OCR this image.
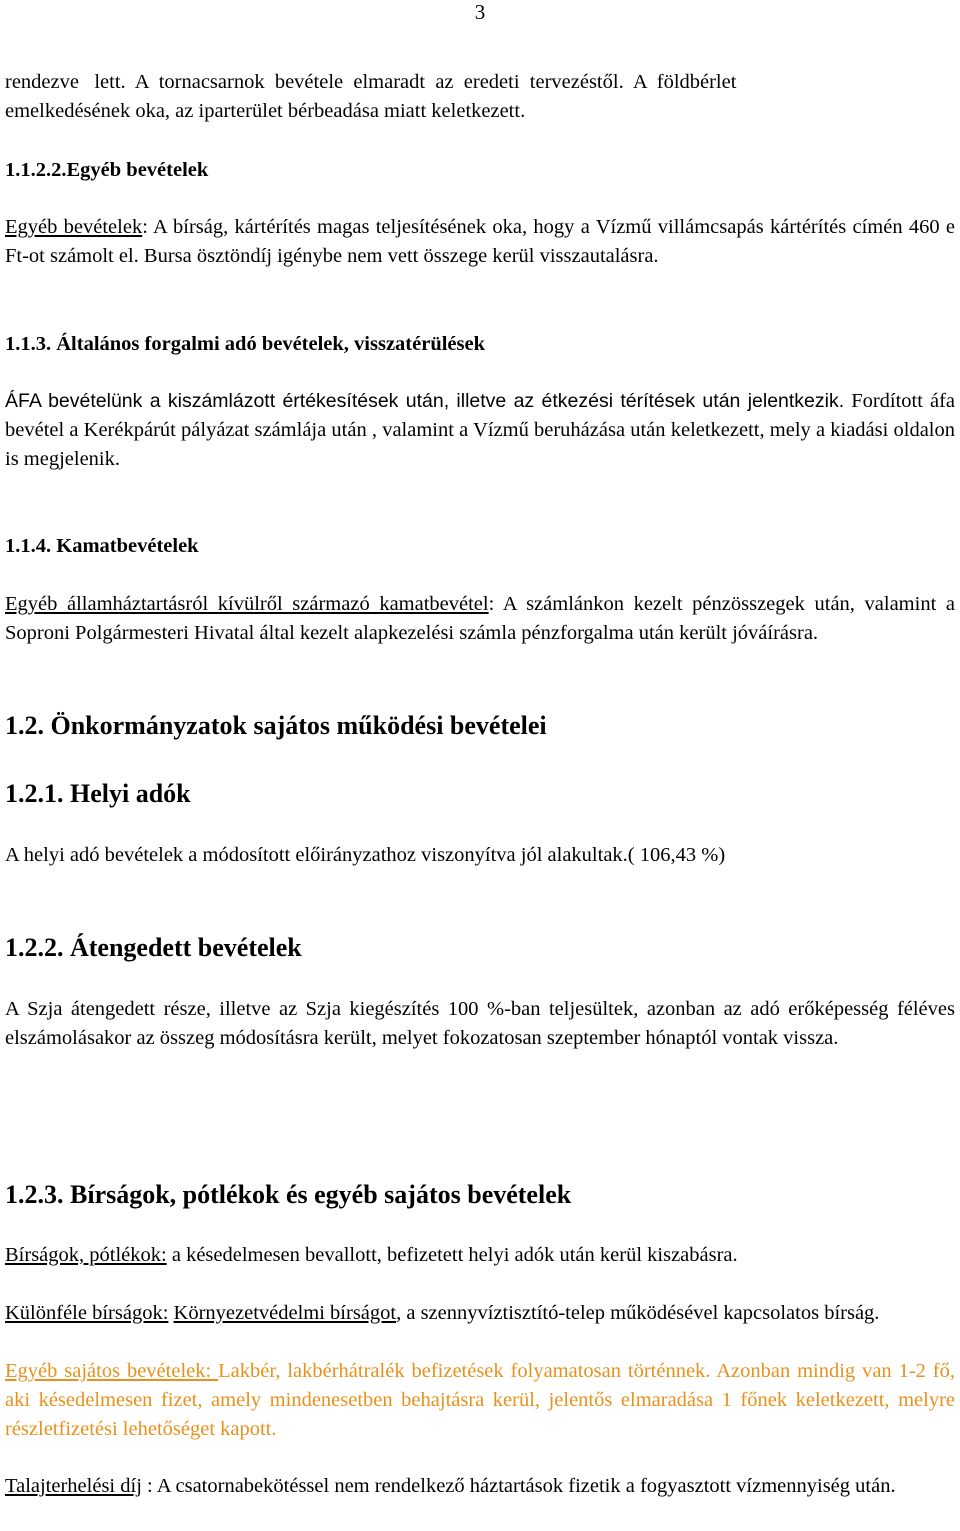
3
rendezve   lett.  A  tornacsarnok  bevétele  elmaradt  az  eredeti  tervezéstől.  A  földbérlet
emelkedésének oka, az iparterület bérbeadása miatt keletkezett.
1.1.2.2.Egyéb bevételek
Egyéb bevételek: A bírság, kártérítés magas teljesítésének oka, hogy a Vízmű villámcsapás kártérítés címén 460 e Ft-ot számolt el. Bursa ösztöndíj igénybe nem vett összege kerül visszautalásra.
1.1.3. Általános forgalmi adó bevételek, visszatérülések
ÁFA bevételünk a kiszámlázott értékesítések után, illetve az étkezési térítések után jelentkezik. Fordított áfa bevétel a Kerékpárút pályázat számlája után , valamint a Vízmű beruházása után keletkezett, mely a kiadási oldalon is megjelenik.
1.1.4. Kamatbevételek
Egyéb államháztartásról kívülről származó kamatbevétel: A számlánkon kezelt pénzösszegek után, valamint a Soproni Polgármesteri Hivatal által kezelt alapkezelési számla pénzforgalma után került jóváírásra.
1.2. Önkormányzatok sajátos működési bevételei
1.2.1. Helyi adók
A helyi adó bevételek a módosított előirányzathoz viszonyítva jól alakultak.( 106,43 %)
1.2.2. Átengedett bevételek
A Szja átengedett része, illetve az Szja kiegészítés 100 %-ban teljesültek, azonban az adó erőképesség féléves elszámolásakor az összeg módosításra került, melyet fokozatosan szeptember hónaptól vontak vissza.
1.2.3. Bírságok, pótlékok és egyéb sajátos bevételek
Bírságok, pótlékok: a késedelmesen bevallott, befizetett helyi adók után kerül kiszabásra.
Különféle bírságok: Környezetvédelmi bírságot, a szennyvíztisztító-telep működésével kapcsolatos bírság.
Egyéb sajátos bevételek: Lakbér, lakbérhátralék befizetések folyamatosan történnek. Azonban mindig van 1-2 fő, aki késedelmesen fizet, amely mindenesetben behajtásra kerül, jelentős elmaradása 1 főnek keletkezett, melyre részletfizetési lehetőséget kapott.
Talajterhelési díj : A csatornabekötéssel nem rendelkező háztartások fizetik a fogyasztott vízmennyiség után.
